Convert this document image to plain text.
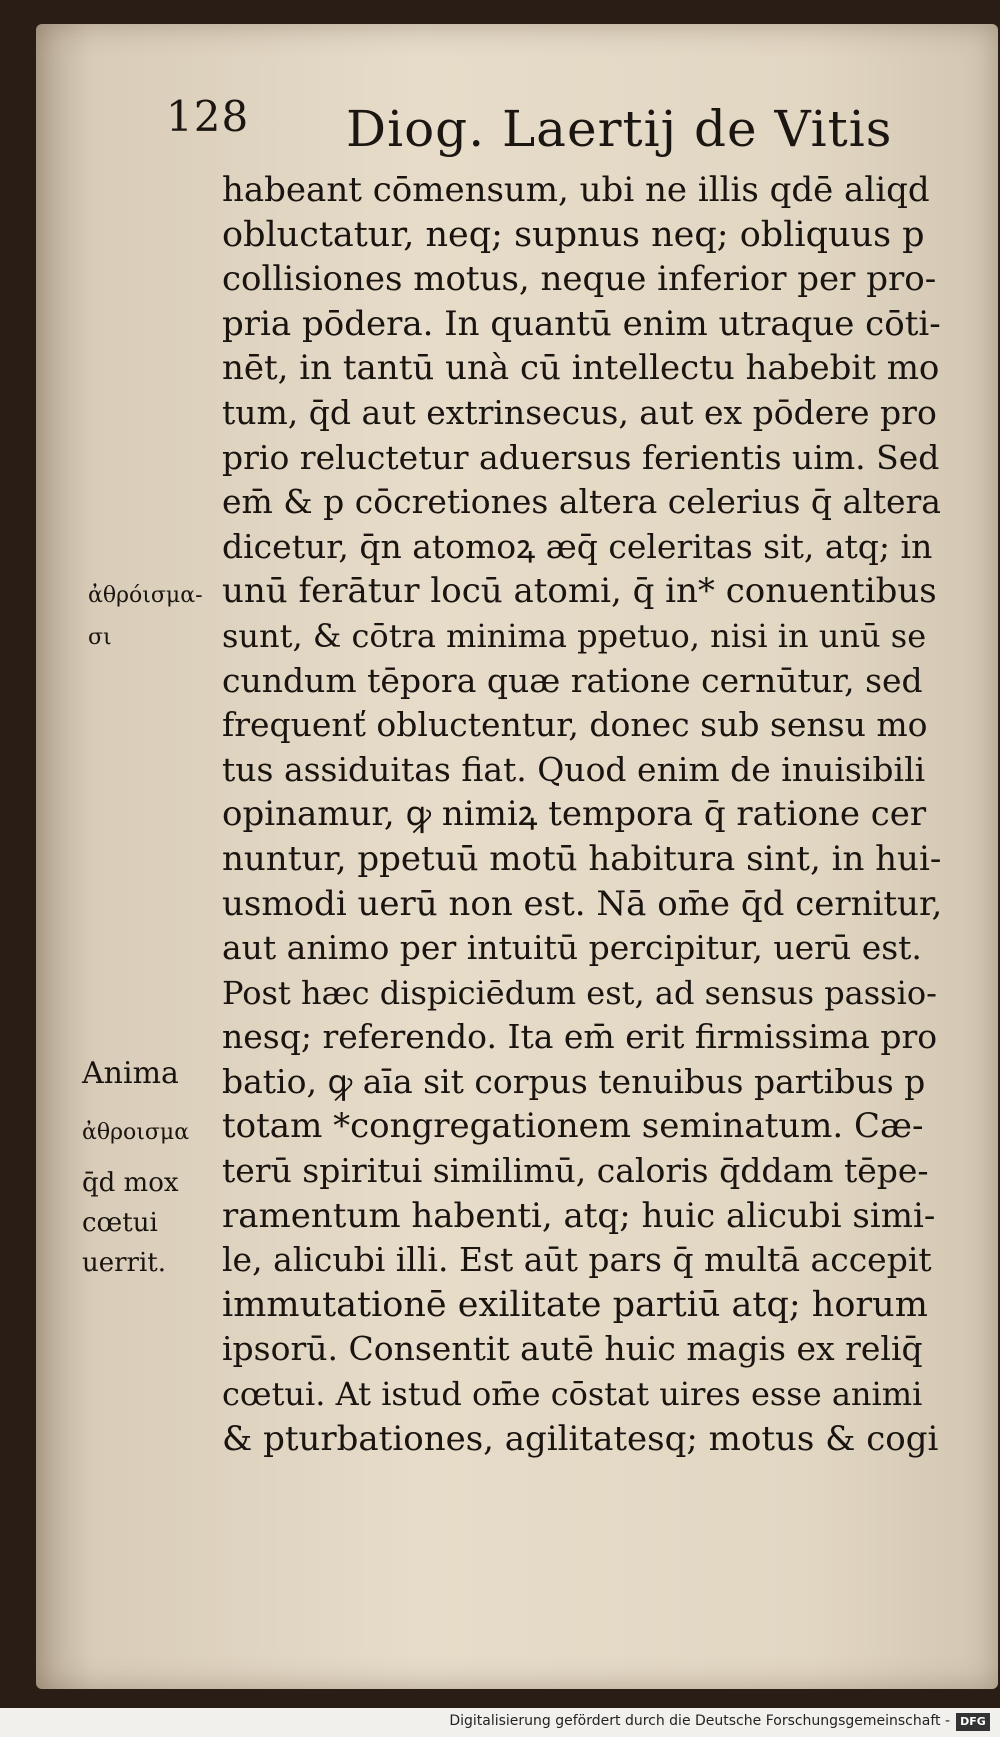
128 Diog. Laertij de Vitis
habeant cōmensum, ubi ne illis qdē aliqd
obluctatur, neq; supnus neq; obliquus p
collisiones motus, neque inferior per pro-
pria pōdera. In quantū enim utraque cōti-
nēt, in tantū unà cū intellectu habebit mo
tum, q̄d aut extrinsecus, aut ex pōdere pro
prio reluctetur aduersus ferientis uim. Sed
em̄ & p cōcretiones altera celerius q̄ altera
dicetur, q̄n atomoꝝ æq̄ celeritas sit, atq; in
unū ferātur locū atomi, q̄ in* conuentibus
sunt, & cōtra minima ppetuo, nisi in unū se
cundum tēpora quæ ratione cernūtur, sed
frequenť obluctentur, donec sub sensu mo
tus assiduitas fiat. Quod enim de inuisibili
opinamur, ꝙ nimiꝝ tempora q̄ ratione cer
nuntur, ppetuū motū habitura sint, in hui-
usmodi uerū non est. Nā om̄e q̄d cernitur,
aut animo per intuitū percipitur, uerū est.
Post hæc dispiciēdum est, ad sensus passio-
nesq; referendo. Ita em̄ erit firmissima pro
batio, ꝙ aīa sit corpus tenuibus partibus p
totam *congregationem seminatum. Cæ-
terū spiritui similimū, caloris q̄ddam tēpe-
ramentum habenti, atq; huic alicubi simi-
le, alicubi illi. Est aūt pars q̄ multā accepit
immutationē exilitate partiū atq; horum
ipsorū. Consentit autē huic magis ex reliq̄
cœtui. At istud om̄e cōstat uires esse animi
& pturbationes, agilitatesq; motus & cogi
ἀθρόισμα-
σι
Anima
ἀθροισμα
q̄d mox
cœtui
uerrit.
Digitalisierung gefördert durch die Deutsche Forschungsgemeinschaft - DFG
